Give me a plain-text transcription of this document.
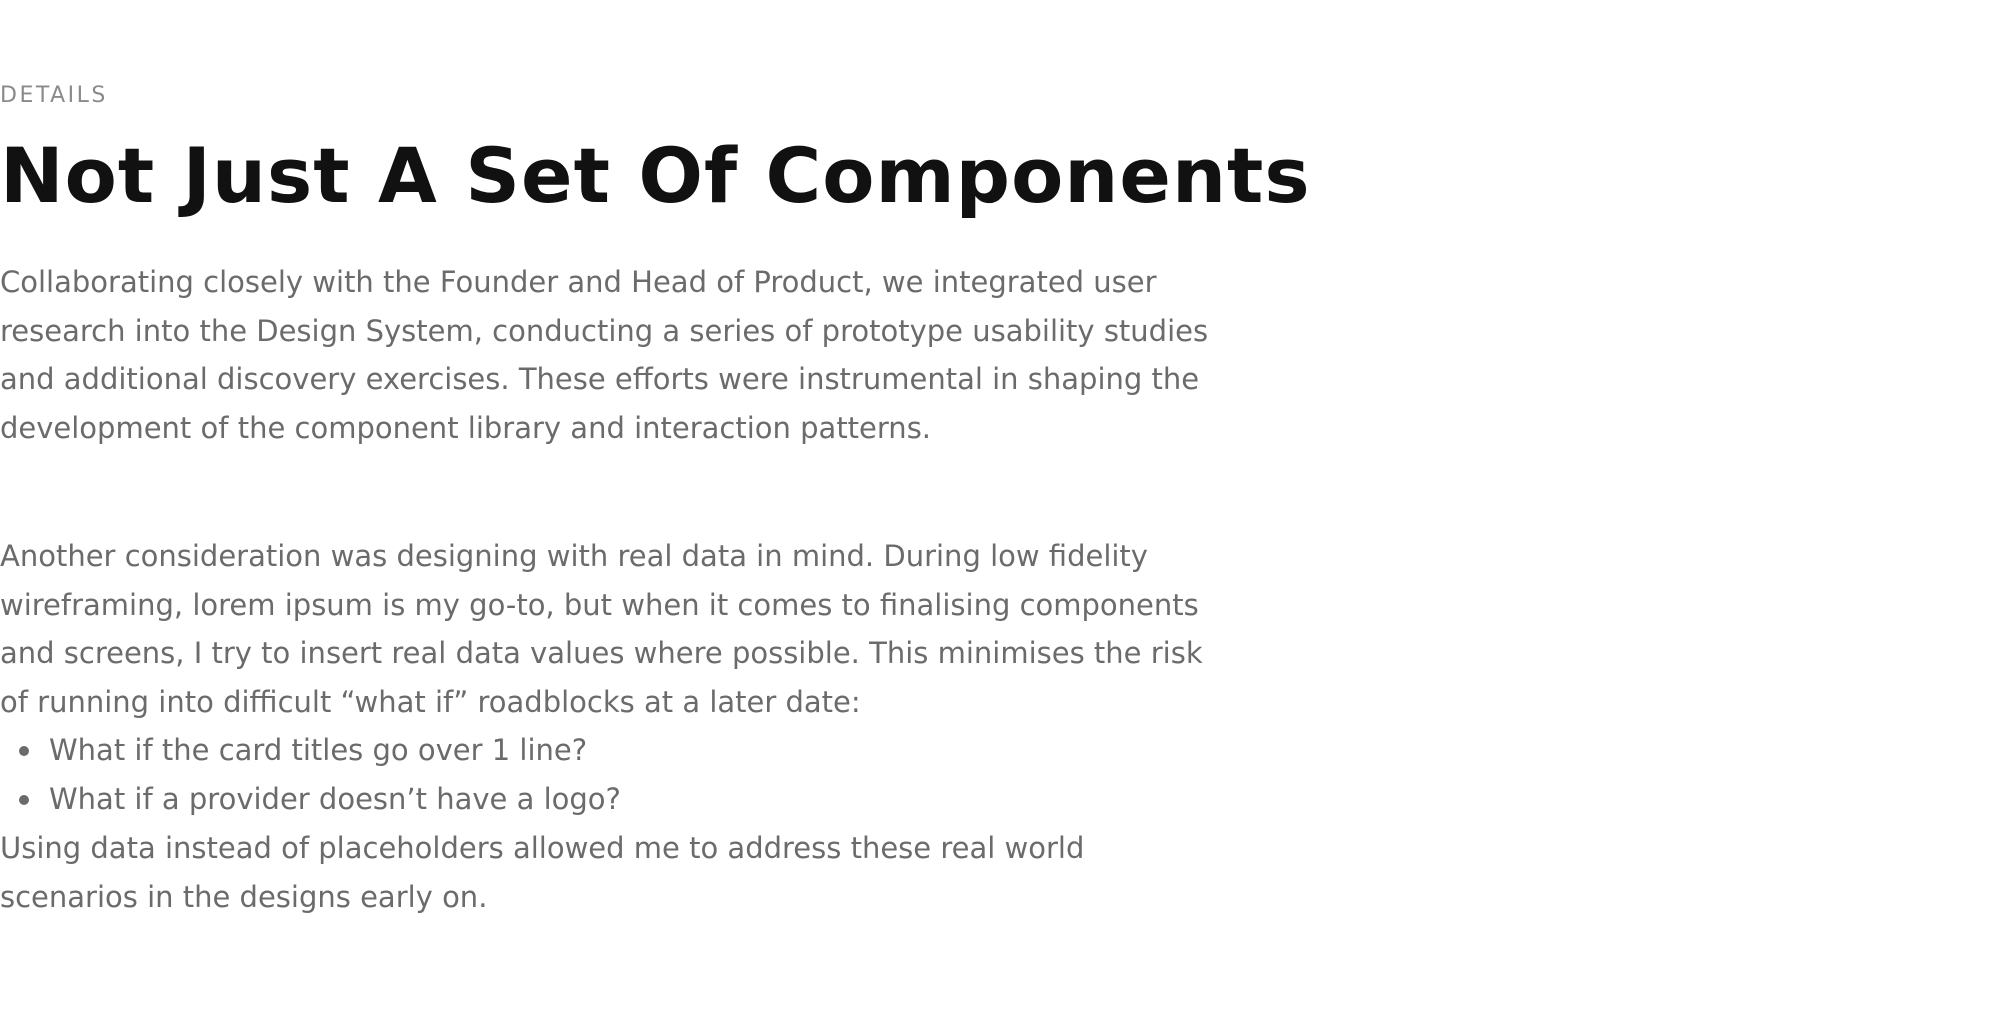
DETAILS
Not Just A Set Of Components

Collaborating closely with the Founder and Head of Product, we integrated user
research into the Design System, conducting a series of prototype usability studies
and additional discovery exercises. These efforts were instrumental in shaping the
development of the component library and interaction patterns.

Another consideration was designing with real data in mind. During low fidelity
wireframing, lorem ipsum is my go-to, but when it comes to finalising components
and screens, I try to insert real data values where possible. This minimises the risk
of running into difficult “what if” roadblocks at a later date:

What if the card titles go over 1 line?
What if a provider doesn’t have a logo?

Using data instead of placeholders allowed me to address these real world
scenarios in the designs early on.
